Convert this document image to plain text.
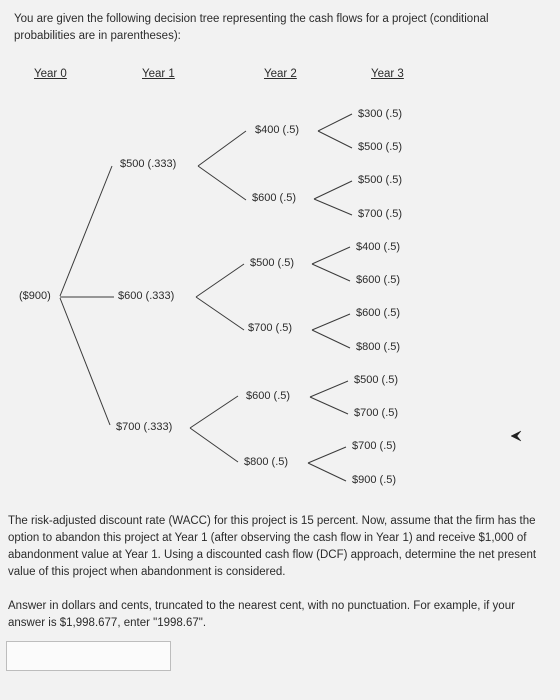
You are given the following decision tree representing the cash flows for a project (conditional probabilities are in parentheses):
Year 0	Year 1	Year 2	Year 3
($900)
$500 (.333)
$600 (.333)
$700 (.333)
$400 (.5)
$600 (.5)
$500 (.5)
$700 (.5)
$600 (.5)
$800 (.5)
$300 (.5)
$500 (.5)
$500 (.5)
$700 (.5)
$400 (.5)
$600 (.5)
$600 (.5)
$800 (.5)
$500 (.5)
$700 (.5)
$700 (.5)
$900 (.5)
The risk-adjusted discount rate (WACC) for this project is 15 percent. Now, assume that the firm has the option to abandon this project at Year 1 (after observing the cash flow in Year 1) and receive $1,000 of abandonment value at Year 1. Using a discounted cash flow (DCF) approach, determine the net present value of this project when abandonment is considered.
Answer in dollars and cents, truncated to the nearest cent, with no punctuation. For example, if your answer is $1,998.677, enter "1998.67".
